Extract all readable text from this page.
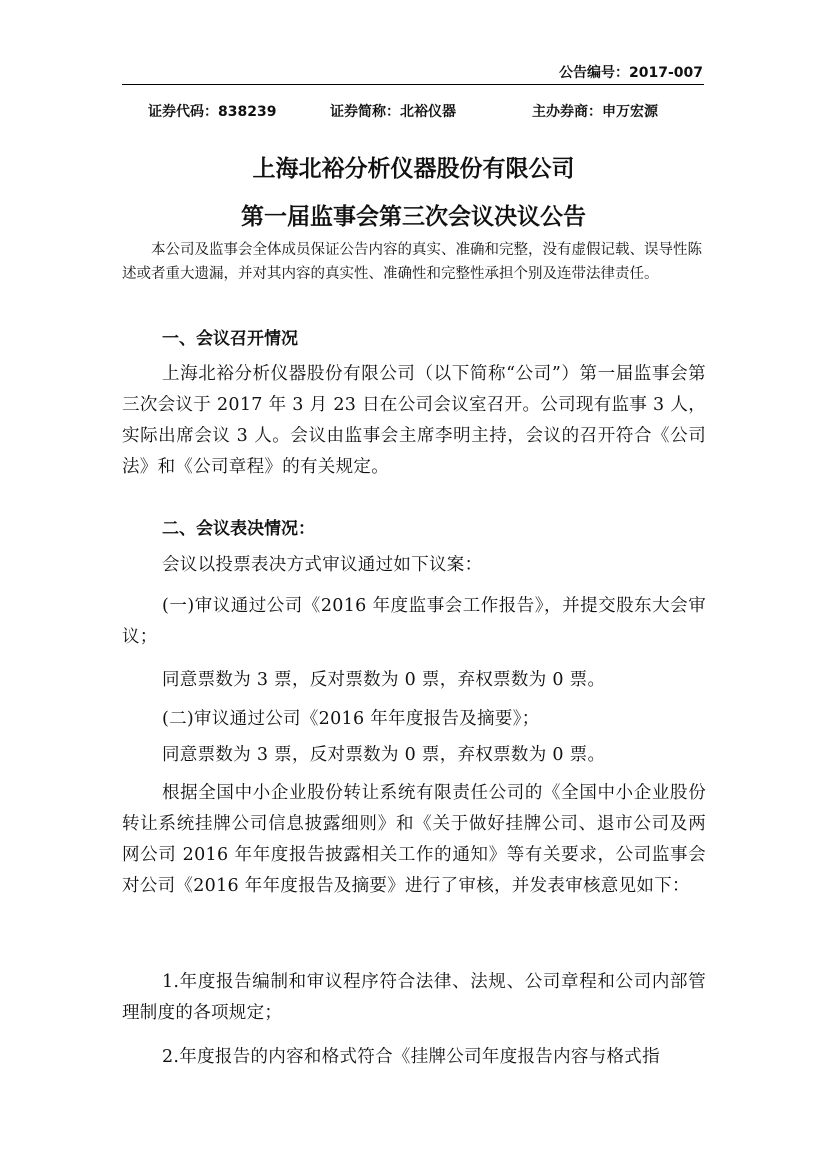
公告编号：2017-007
证券代码：838239	证券简称：北裕仪器	主办券商：申万宏源
上海北裕分析仪器股份有限公司
第一届监事会第三次会议决议公告
本公司及监事会全体成员保证公告内容的真实、准确和完整，没有虚假记载、误导性陈述或者重大遗漏，并对其内容的真实性、准确性和完整性承担个别及连带法律责任。
一、会议召开情况
上海北裕分析仪器股份有限公司（以下简称“公司”）第一届监事会第三次会议于 2017 年 3 月 23 日在公司会议室召开。公司现有监事 3 人，实际出席会议 3 人。会议由监事会主席李明主持，会议的召开符合《公司法》和《公司章程》的有关规定。
二、会议表决情况：
会议以投票表决方式审议通过如下议案：
(一)审议通过公司《2016 年度监事会工作报告》，并提交股东大会审议；
同意票数为 3 票，反对票数为 0 票，弃权票数为 0 票。
(二)审议通过公司《2016 年年度报告及摘要》；
同意票数为 3 票，反对票数为 0 票，弃权票数为 0 票。
根据全国中小企业股份转让系统有限责任公司的《全国中小企业股份转让系统挂牌公司信息披露细则》和《关于做好挂牌公司、退市公司及两网公司 2016 年年度报告披露相关工作的通知》等有关要求，公司监事会对公司《2016 年年度报告及摘要》进行了审核，并发表审核意见如下：
1.年度报告编制和审议程序符合法律、法规、公司章程和公司内部管理制度的各项规定；
2.年度报告的内容和格式符合《挂牌公司年度报告内容与格式指
